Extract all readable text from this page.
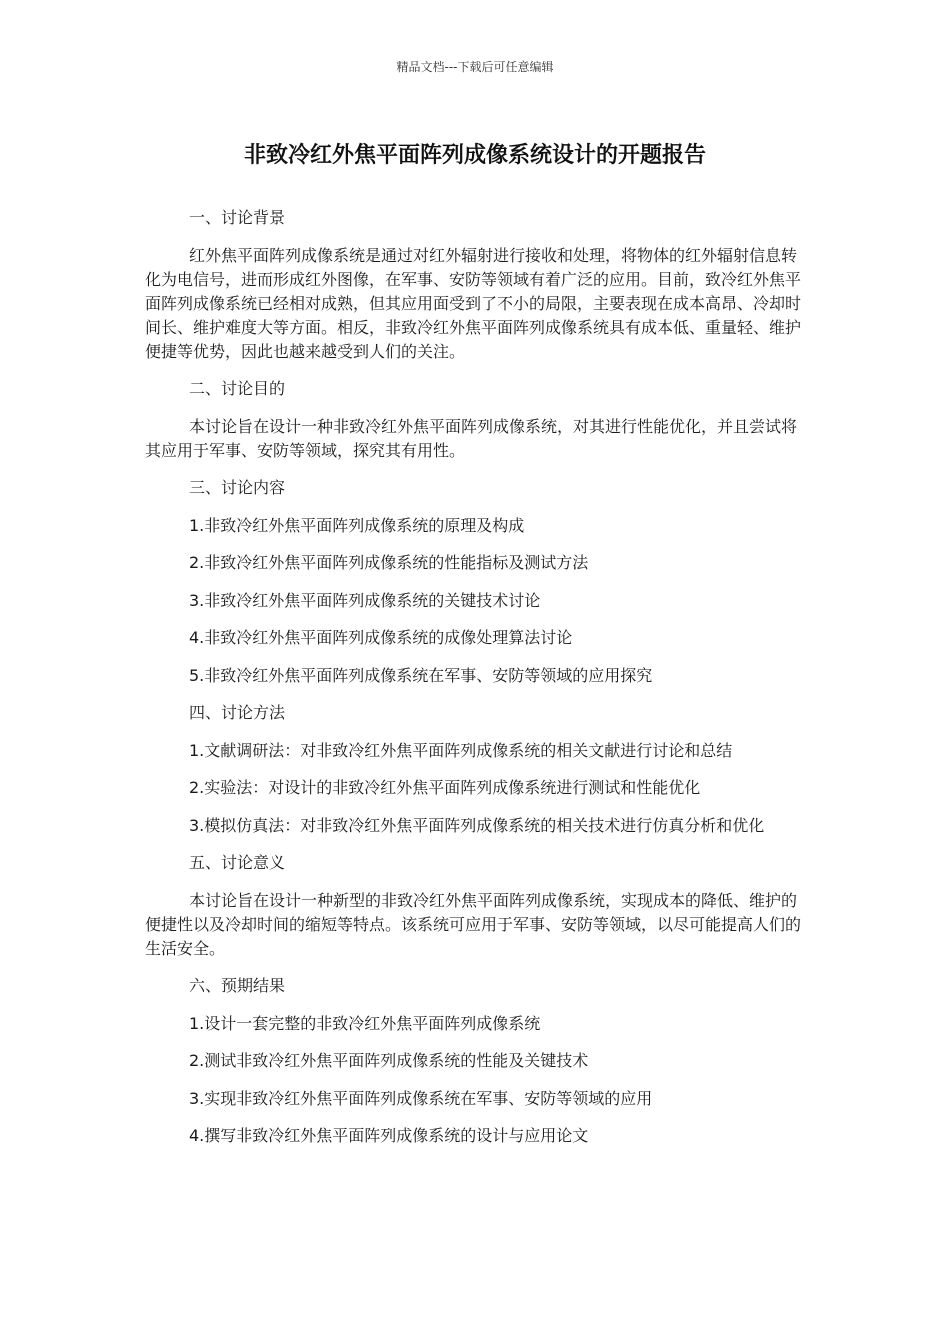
精品文档---下载后可任意编辑
非致冷红外焦平面阵列成像系统设计的开题报告

一、讨论背景

红外焦平面阵列成像系统是通过对红外辐射进行接收和处理，将物体的红外辐射信息转化为电信号，进而形成红外图像，在军事、安防等领域有着广泛的应用。目前，致冷红外焦平面阵列成像系统已经相对成熟，但其应用面受到了不小的局限，主要表现在成本高昂、冷却时间长、维护难度大等方面。相反，非致冷红外焦平面阵列成像系统具有成本低、重量轻、维护便捷等优势，因此也越来越受到人们的关注。

二、讨论目的

本讨论旨在设计一种非致冷红外焦平面阵列成像系统，对其进行性能优化，并且尝试将其应用于军事、安防等领域，探究其有用性。

三、讨论内容

1.非致冷红外焦平面阵列成像系统的原理及构成

2.非致冷红外焦平面阵列成像系统的性能指标及测试方法

3.非致冷红外焦平面阵列成像系统的关键技术讨论

4.非致冷红外焦平面阵列成像系统的成像处理算法讨论

5.非致冷红外焦平面阵列成像系统在军事、安防等领域的应用探究

四、讨论方法

1.文献调研法：对非致冷红外焦平面阵列成像系统的相关文献进行讨论和总结

2.实验法：对设计的非致冷红外焦平面阵列成像系统进行测试和性能优化

3.模拟仿真法：对非致冷红外焦平面阵列成像系统的相关技术进行仿真分析和优化

五、讨论意义

本讨论旨在设计一种新型的非致冷红外焦平面阵列成像系统，实现成本的降低、维护的便捷性以及冷却时间的缩短等特点。该系统可应用于军事、安防等领域，以尽可能提高人们的生活安全。

六、预期结果

1.设计一套完整的非致冷红外焦平面阵列成像系统

2.测试非致冷红外焦平面阵列成像系统的性能及关键技术

3.实现非致冷红外焦平面阵列成像系统在军事、安防等领域的应用

4.撰写非致冷红外焦平面阵列成像系统的设计与应用论文
